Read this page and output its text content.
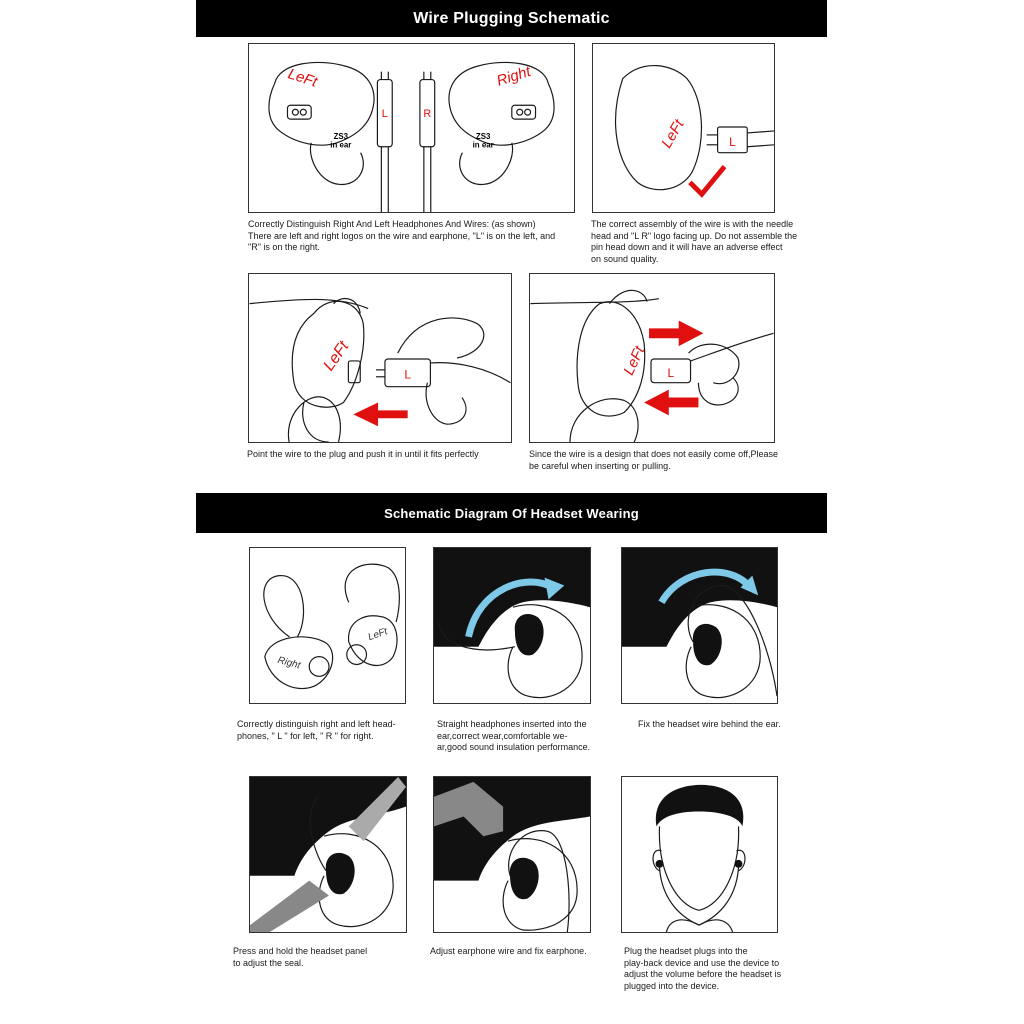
Wire Plugging Schematic
LeFt
ZS3
in ear
L	R
Right
ZS3
in ear
Correctly Distinguish Right And Left Headphones And Wires: (as shown)
There are left and right logos on the wire and earphone, "L" is on the left, and
"R" is on the right.
LeFt	L
The correct assembly of the wire is with the needle
head and "L R" logo facing up. Do not assemble the
pin head down and it will have an adverse effect
on sound quality.
LeFt
L
Point the wire to the plug and push it in until it fits perfectly
LeFt L
Since the wire is a design that does not easily come off,Please
be careful when inserting or pulling.
Schematic Diagram Of Headset Wearing
Right
LeFt
Correctly distinguish right and left head-
phones, " L " for left, " R " for right.
Straight headphones inserted into the
ear,correct wear,comfortable we-
ar,good sound insulation performance.
Fix the headset wire behind the ear.
Press and hold the headset panel
to adjust the seal.
Adjust earphone wire and fix earphone.	Plug the headset plugs into the
play-back device and use the device to
adjust the volume before the headset is
plugged into the device.
